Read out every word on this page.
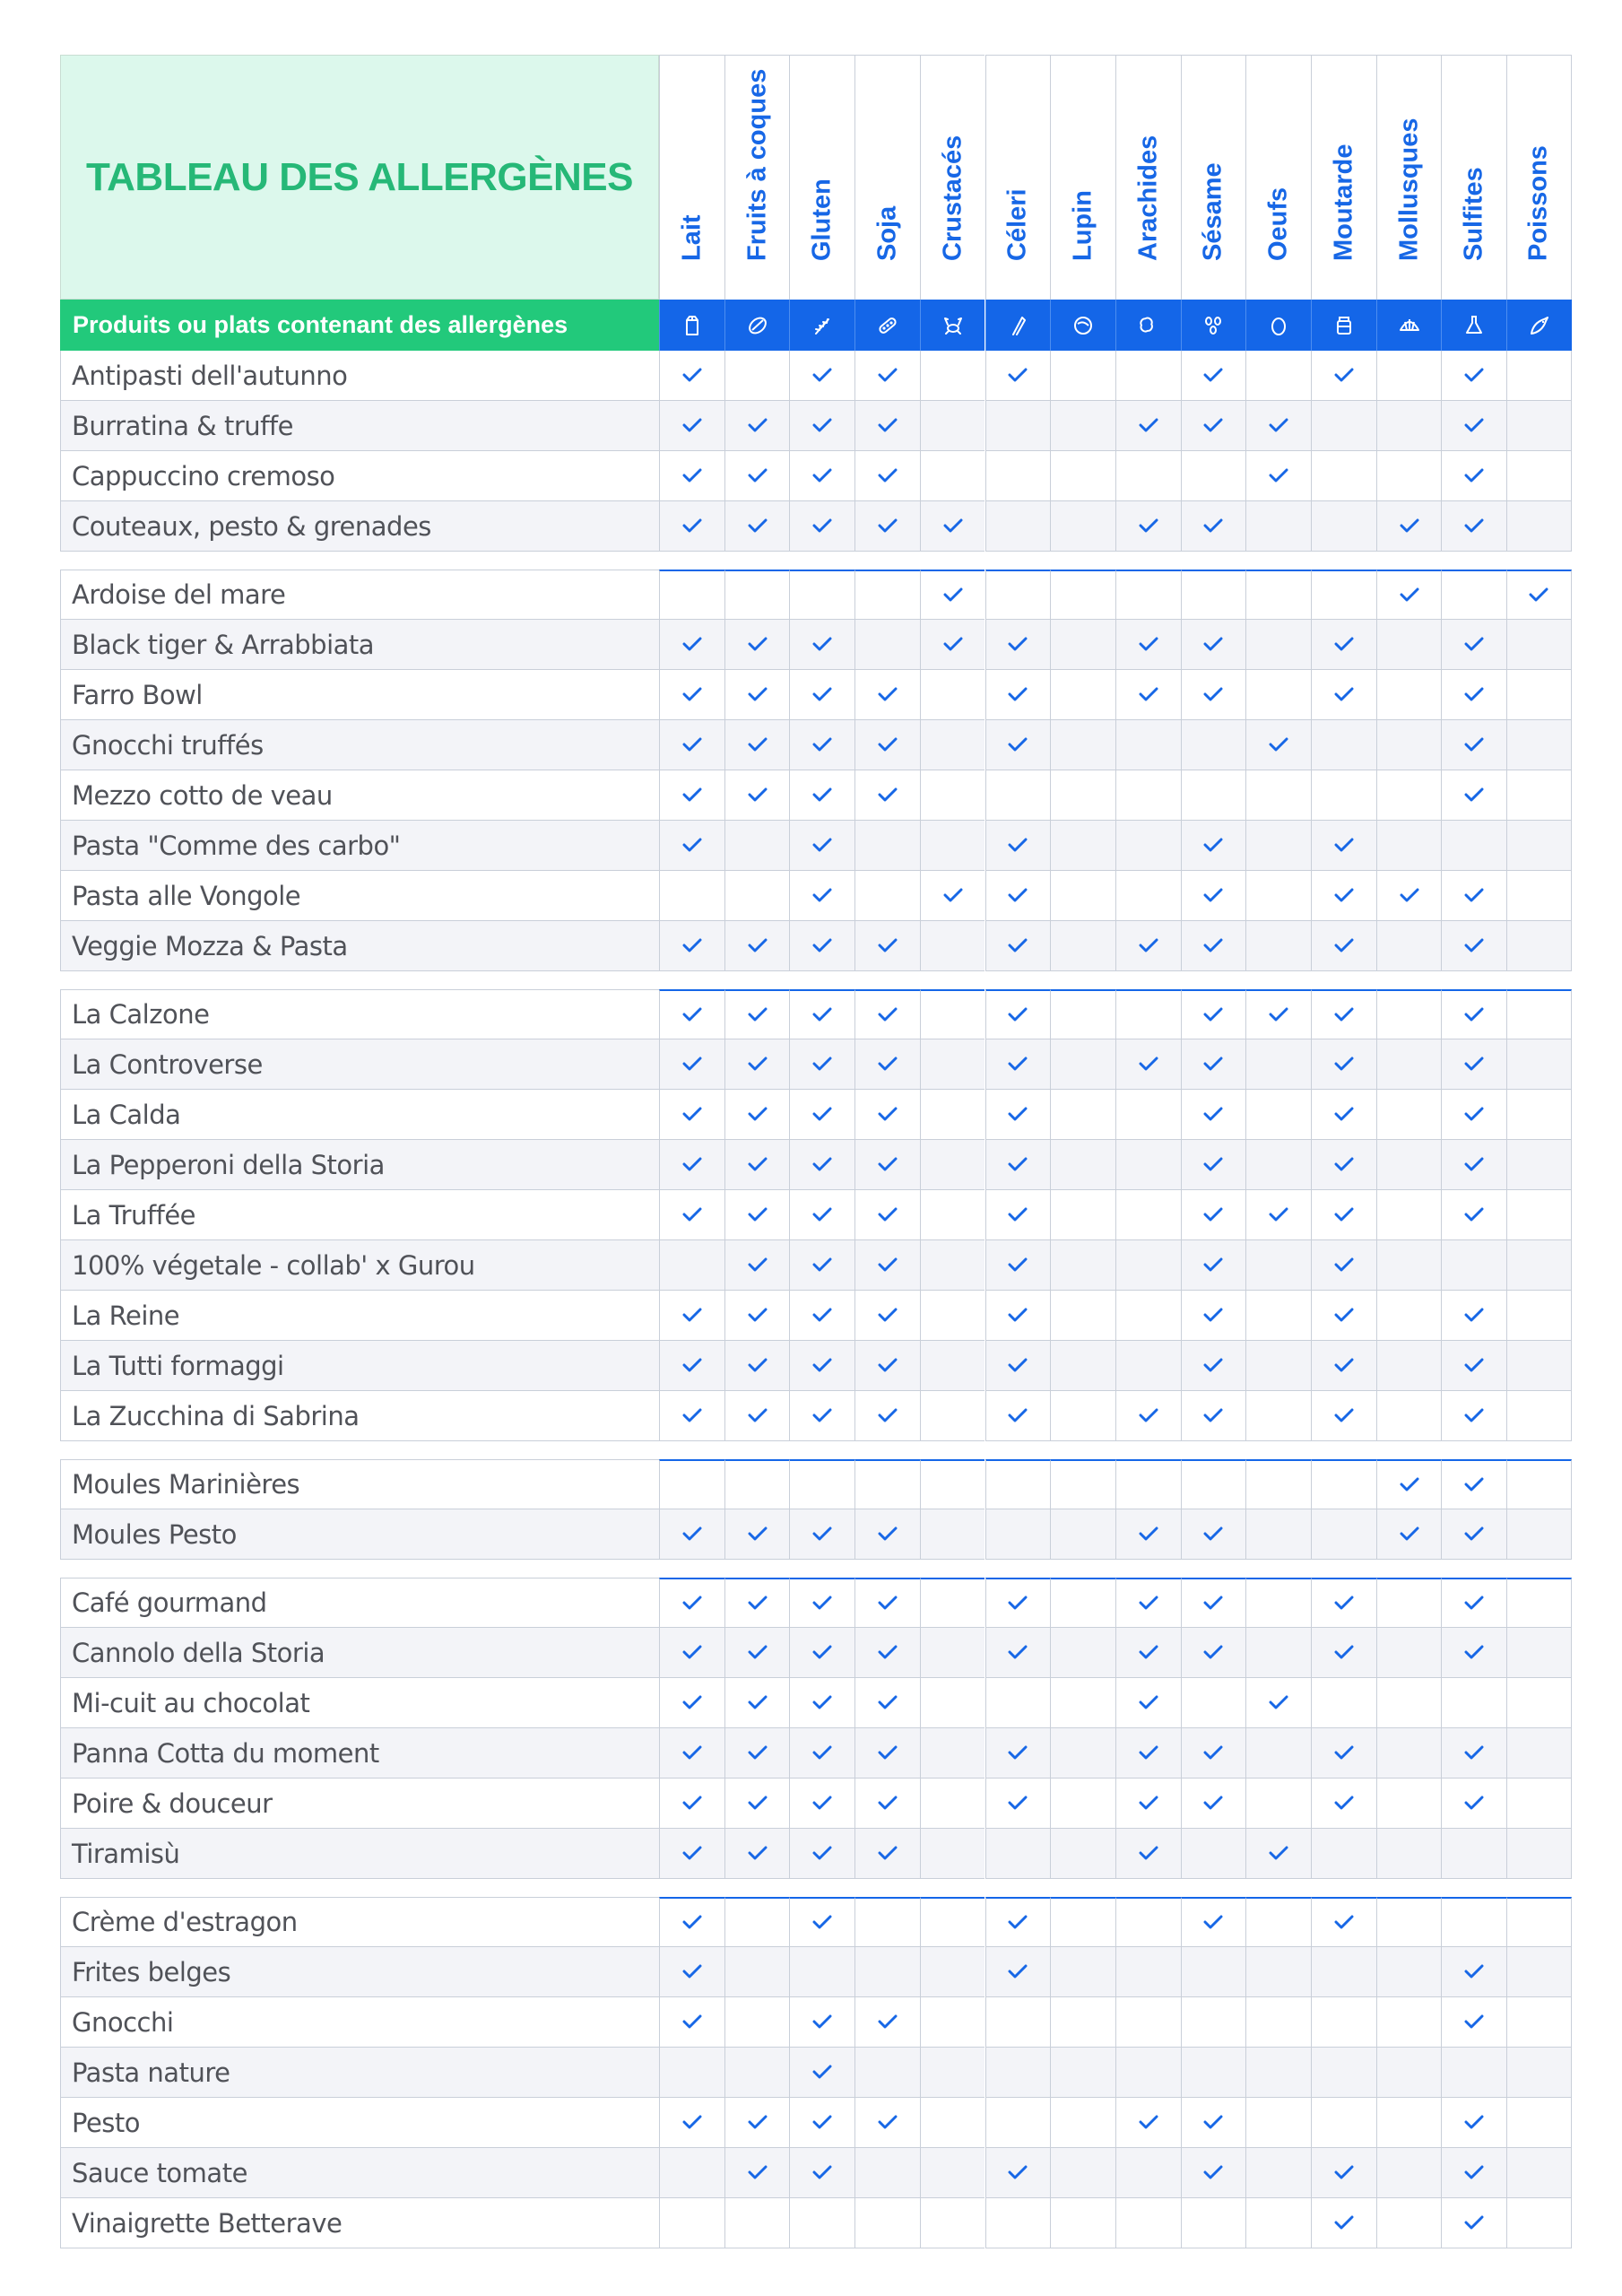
TABLEAU DES ALLERGÈNES
Produits ou plats contenant des allergènes
Lait Fruits à coques Gluten Soja Crustacés Céleri Lupin Arachides Sésame Oeufs Moutarde Mollusques Sulfites Poissons
Antipasti dell'autunno
Burratina & truffe
Cappuccino cremoso
Couteaux, pesto & grenades
Ardoise del mare
Black tiger & Arrabbiata
Farro Bowl
Gnocchi truffés
Mezzo cotto de veau
Pasta "Comme des carbo"
Pasta alle Vongole
Veggie Mozza & Pasta
La Calzone
La Controverse
La Calda
La Pepperoni della Storia
La Truffée
100% végetale - collab' x Gurou
La Reine
La Tutti formaggi
La Zucchina di Sabrina
Moules Marinières
Moules Pesto
Café gourmand
Cannolo della Storia
Mi-cuit au chocolat
Panna Cotta du moment
Poire & douceur
Tiramisù
Crème d'estragon
Frites belges
Gnocchi
Pasta nature
Pesto
Sauce tomate
Vinaigrette Betterave
